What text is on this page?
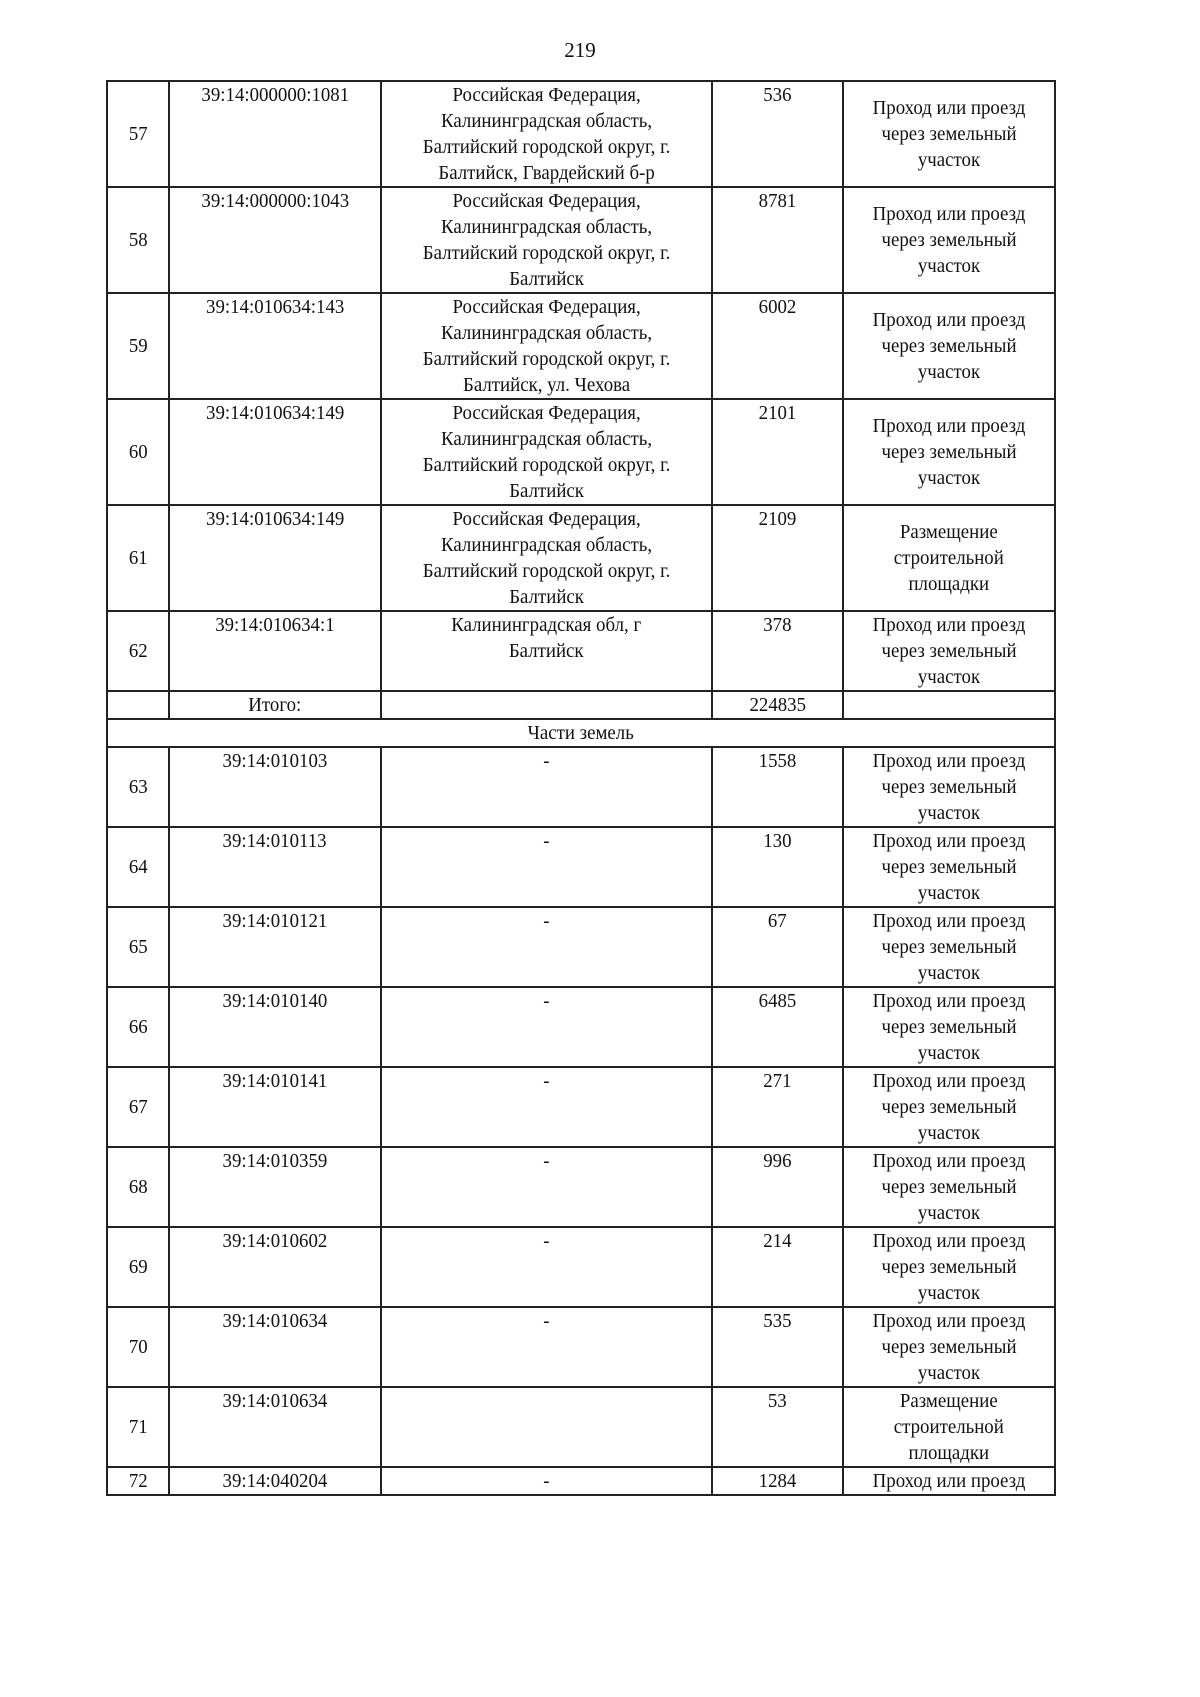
219
57	39:14:000000:1081	Российская Федерация,
Калининградская область,
Балтийский городской округ, г.
Балтийск, Гвардейский б-р	536	Проход или проезд
через земельный
участок
58	39:14:000000:1043	Российская Федерация,
Калининградская область,
Балтийский городской округ, г.
Балтийск	8781	Проход или проезд
через земельный
участок
59	39:14:010634:143	Российская Федерация,
Калининградская область,
Балтийский городской округ, г.
Балтийск, ул. Чехова	6002	Проход или проезд
через земельный
участок
60	39:14:010634:149	Российская Федерация,
Калининградская область,
Балтийский городской округ, г.
Балтийск	2101	Проход или проезд
через земельный
участок
61	39:14:010634:149	Российская Федерация,
Калининградская область,
Балтийский городской округ, г.
Балтийск	2109	Размещение
строительной
площадки
62	39:14:010634:1	Калининградская обл, г
Балтийск	378	Проход или проезд
через земельный
участок
	Итого:		224835	
Части земель				
63	39:14:010103	-	1558	Проход или проезд
через земельный
участок
64	39:14:010113	-	130	Проход или проезд
через земельный
участок
65	39:14:010121	-	67	Проход или проезд
через земельный
участок
66	39:14:010140	-	6485	Проход или проезд
через земельный
участок
67	39:14:010141	-	271	Проход или проезд
через земельный
участок
68	39:14:010359	-	996	Проход или проезд
через земельный
участок
69	39:14:010602	-	214	Проход или проезд
через земельный
участок
70	39:14:010634	-	535	Проход или проезд
через земельный
участок
71	39:14:010634		53	Размещение
строительной
площадки
72	39:14:040204	-	1284	Проход или проезд
